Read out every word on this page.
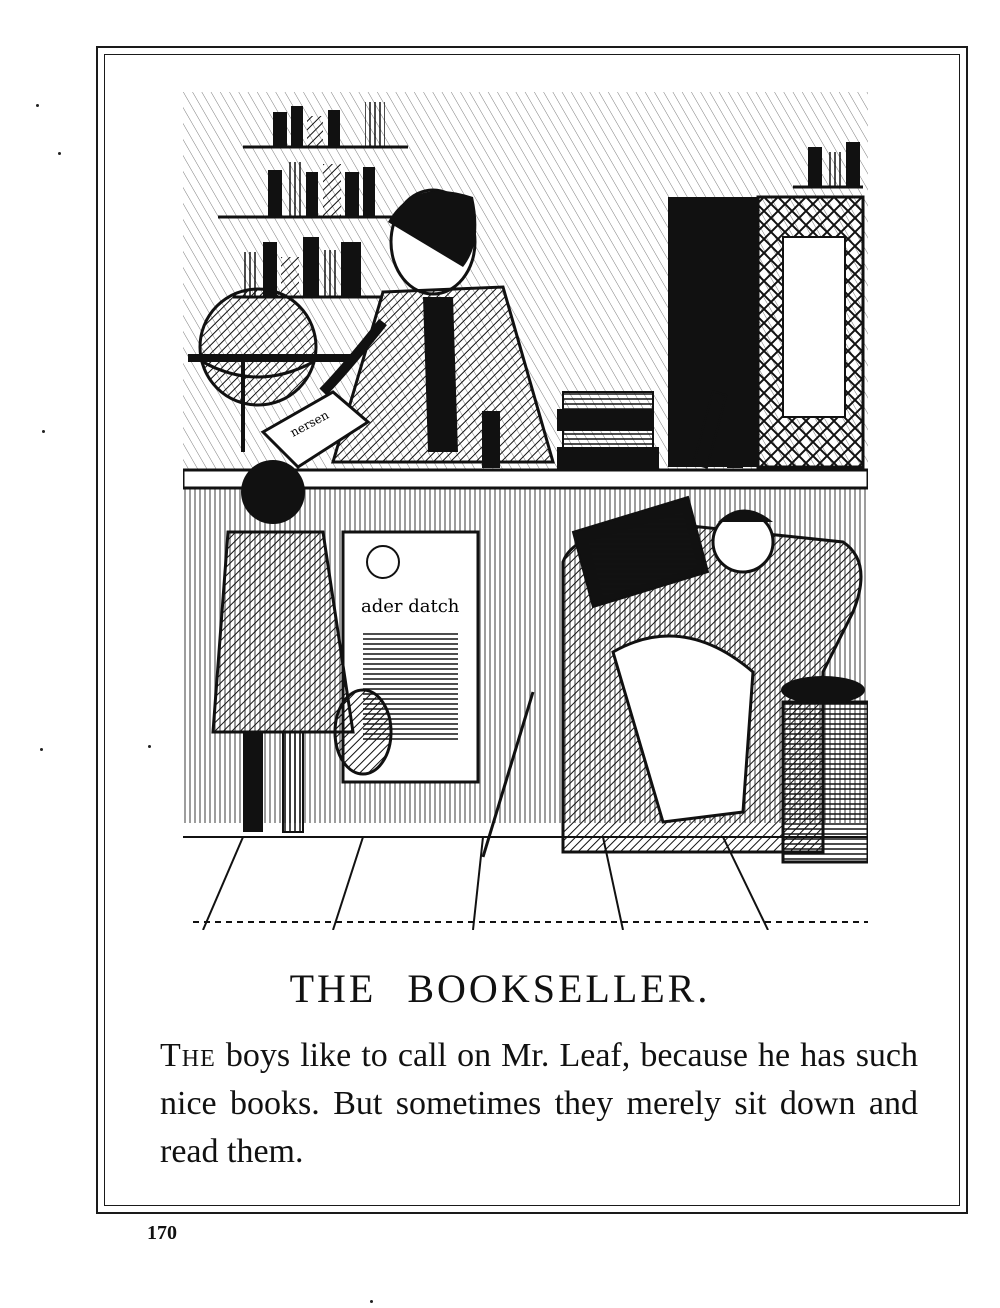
nersen
ader datch
THE BOOKSELLER.
The boys like to call on Mr. Leaf, because he has such nice books. But sometimes they merely sit down and read them.
170
